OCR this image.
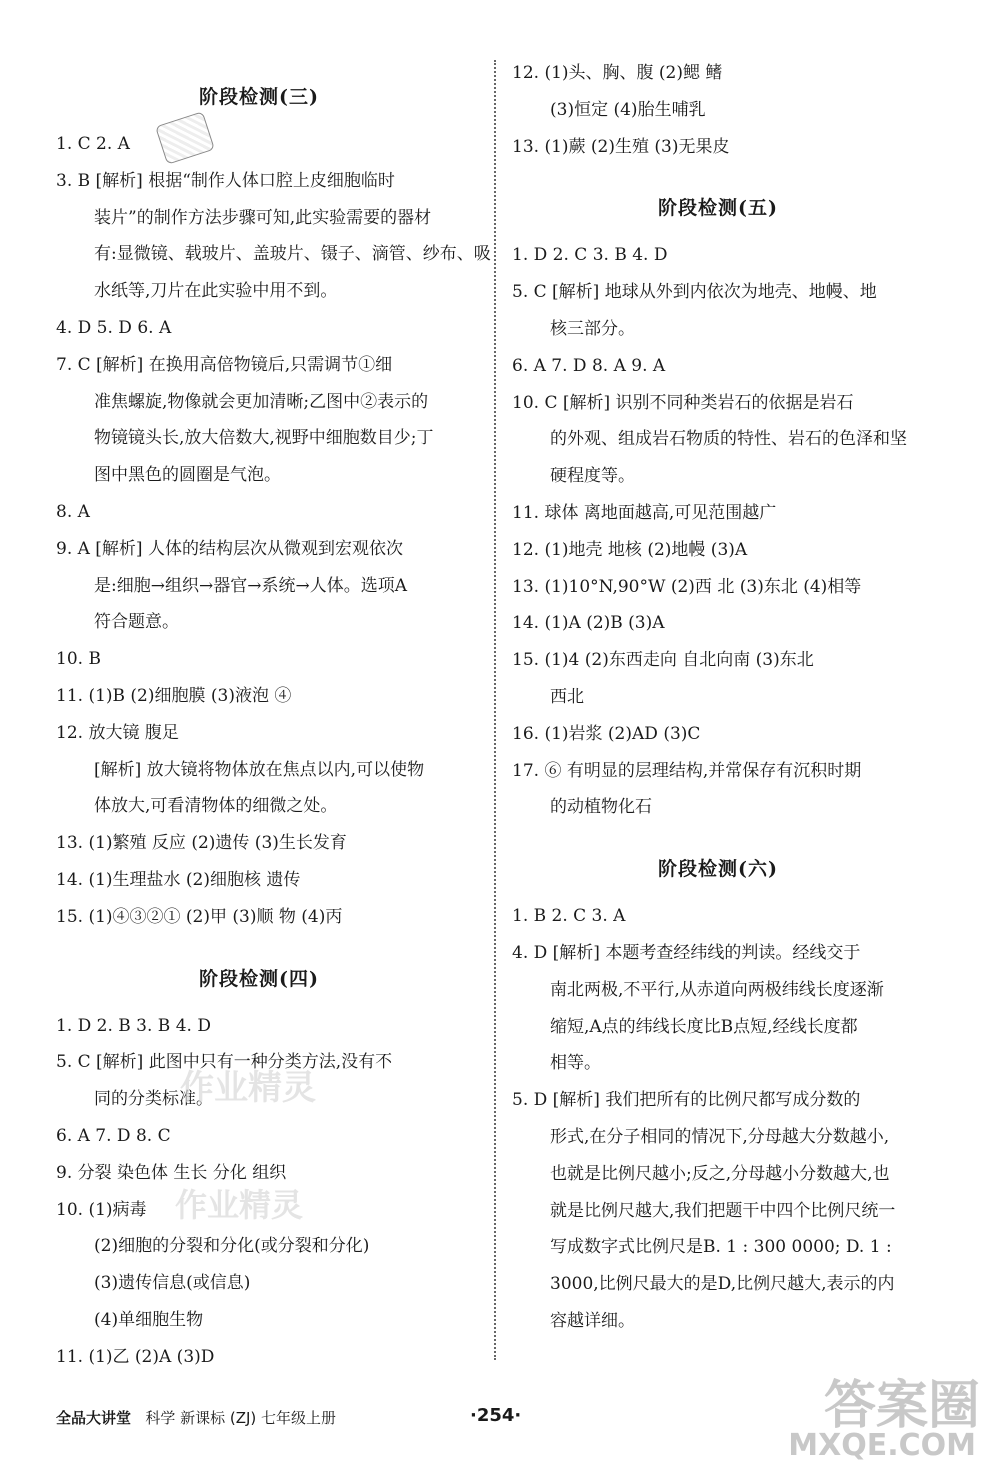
阶段检测(三)
1. C 2. A
3. B [解析] 根据“制作人体口腔上皮细胞临时
装片”的制作方法步骤可知,此实验需要的器材
有:显微镜、载玻片、盖玻片、镊子、滴管、纱布、吸
水纸等,刀片在此实验中用不到。
4. D 5. D 6. A
7. C [解析] 在换用高倍物镜后,只需调节①细
准焦螺旋,物像就会更加清晰;乙图中②表示的
物镜镜头长,放大倍数大,视野中细胞数目少;丁
图中黑色的圆圈是气泡。
8. A
9. A [解析] 人体的结构层次从微观到宏观依次
是:细胞→组织→器官→系统→人体。选项A
符合题意。
10. B
11. (1)B (2)细胞膜 (3)液泡 ④
12. 放大镜 腹足
[解析] 放大镜将物体放在焦点以内,可以使物
体放大,可看清物体的细微之处。
13. (1)繁殖 反应 (2)遗传 (3)生长发育
14. (1)生理盐水 (2)细胞核 遗传
15. (1)④③②① (2)甲 (3)顺 物 (4)丙
阶段检测(四)
1. D 2. B 3. B 4. D
5. C [解析] 此图中只有一种分类方法,没有不
同的分类标准。
6. A 7. D 8. C
9. 分裂 染色体 生长 分化 组织
10. (1)病毒
(2)细胞的分裂和分化(或分裂和分化)
(3)遗传信息(或信息)
(4)单细胞生物
11. (1)乙 (2)A (3)D
12. (1)头、胸、腹 (2)鳃 鳍
(3)恒定 (4)胎生哺乳
13. (1)蕨 (2)生殖 (3)无果皮
阶段检测(五)
1. D 2. C 3. B 4. D
5. C [解析] 地球从外到内依次为地壳、地幔、地
核三部分。
6. A 7. D 8. A 9. A
10. C [解析] 识别不同种类岩石的依据是岩石
的外观、组成岩石物质的特性、岩石的色泽和坚
硬程度等。
11. 球体 离地面越高,可见范围越广
12. (1)地壳 地核 (2)地幔 (3)A
13. (1)10°N,90°W (2)西 北 (3)东北 (4)相等
14. (1)A (2)B (3)A
15. (1)4 (2)东西走向 自北向南 (3)东北
西北
16. (1)岩浆 (2)AD (3)C
17. ⑥ 有明显的层理结构,并常保存有沉积时期
的动植物化石
阶段检测(六)
1. B 2. C 3. A
4. D [解析] 本题考查经纬线的判读。经线交于
南北两极,不平行,从赤道向两极纬线长度逐渐
缩短,A点的纬线长度比B点短,经线长度都
相等。
5. D [解析] 我们把所有的比例尺都写成分数的
形式,在分子相同的情况下,分母越大分数越小,
也就是比例尺越小;反之,分母越小分数越大,也
就是比例尺越大,我们把题干中四个比例尺统一
写成数字式比例尺是B. 1 : 300 0000; D. 1 :
3000,比例尺最大的是D,比例尺越大,表示的内
容越详细。
作业精灵
作业精灵
答案圈
MXQE.COM
全品大讲堂 科学 新课标 (ZJ) 七年级上册	·254·
